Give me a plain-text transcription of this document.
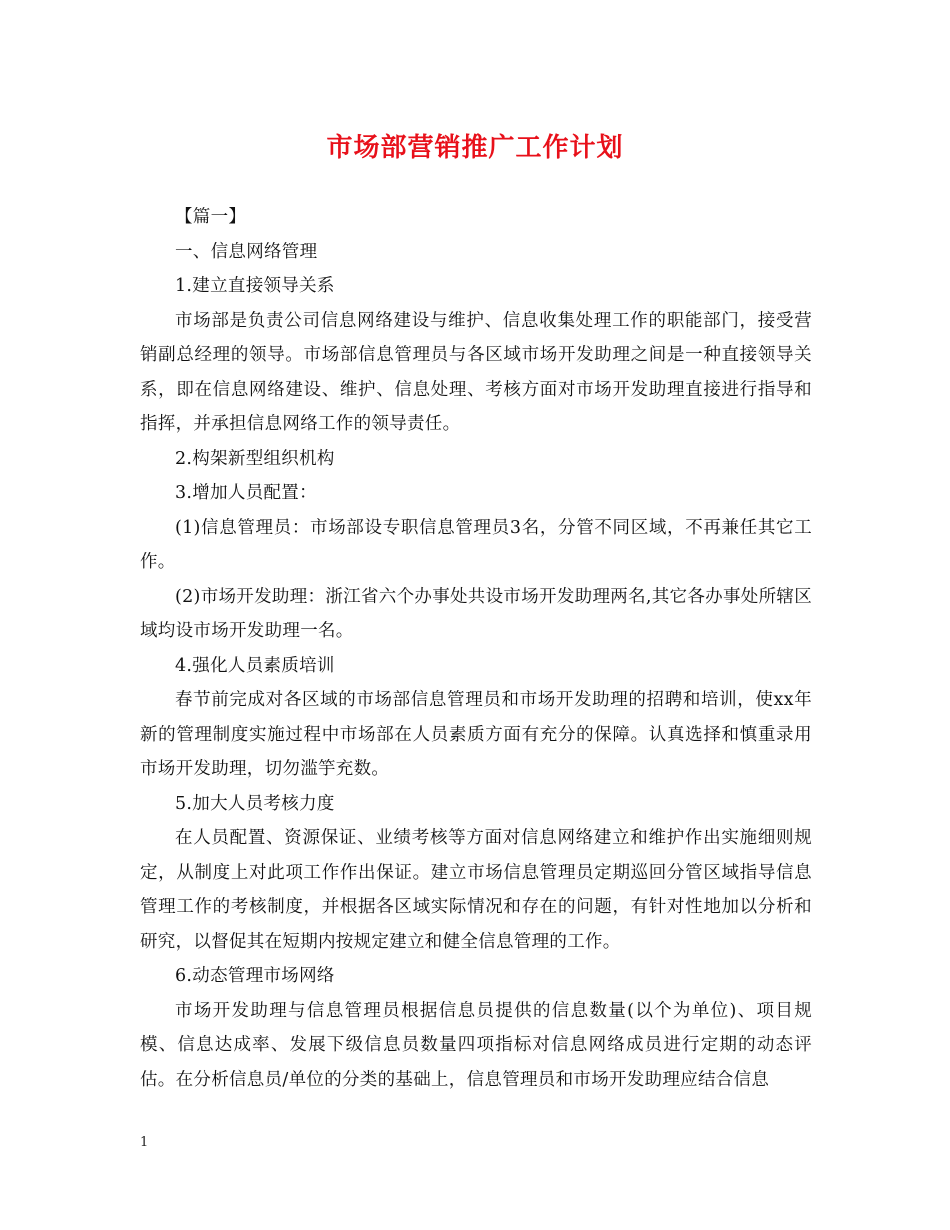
市场部营销推广工作计划

【篇一】

一、信息网络管理

1.建立直接领导关系

市场部是负责公司信息网络建设与维护、信息收集处理工作的职能部门，接受营销副总经理的领导。市场部信息管理员与各区域市场开发助理之间是一种直接领导关系，即在信息网络建设、维护、信息处理、考核方面对市场开发助理直接进行指导和指挥，并承担信息网络工作的领导责任。

2.构架新型组织机构

3.增加人员配置：

(1)信息管理员：市场部设专职信息管理员3名，分管不同区域，不再兼任其它工作。

(2)市场开发助理：浙江省六个办事处共设市场开发助理两名,其它各办事处所辖区域均设市场开发助理一名。

4.强化人员素质培训

春节前完成对各区域的市场部信息管理员和市场开发助理的招聘和培训，使xx年新的管理制度实施过程中市场部在人员素质方面有充分的保障。认真选择和慎重录用市场开发助理，切勿滥竽充数。

5.加大人员考核力度

在人员配置、资源保证、业绩考核等方面对信息网络建立和维护作出实施细则规定，从制度上对此项工作作出保证。建立市场信息管理员定期巡回分管区域指导信息管理工作的考核制度，并根据各区域实际情况和存在的问题，有针对性地加以分析和研究，以督促其在短期内按规定建立和健全信息管理的工作。

6.动态管理市场网络

市场开发助理与信息管理员根据信息员提供的信息数量(以个为单位)、项目规模、信息达成率、发展下级信息员数量四项指标对信息网络成员进行定期的动态评估。在分析信息员/单位的分类的基础上，信息管理员和市场开发助理应结合信息

1
